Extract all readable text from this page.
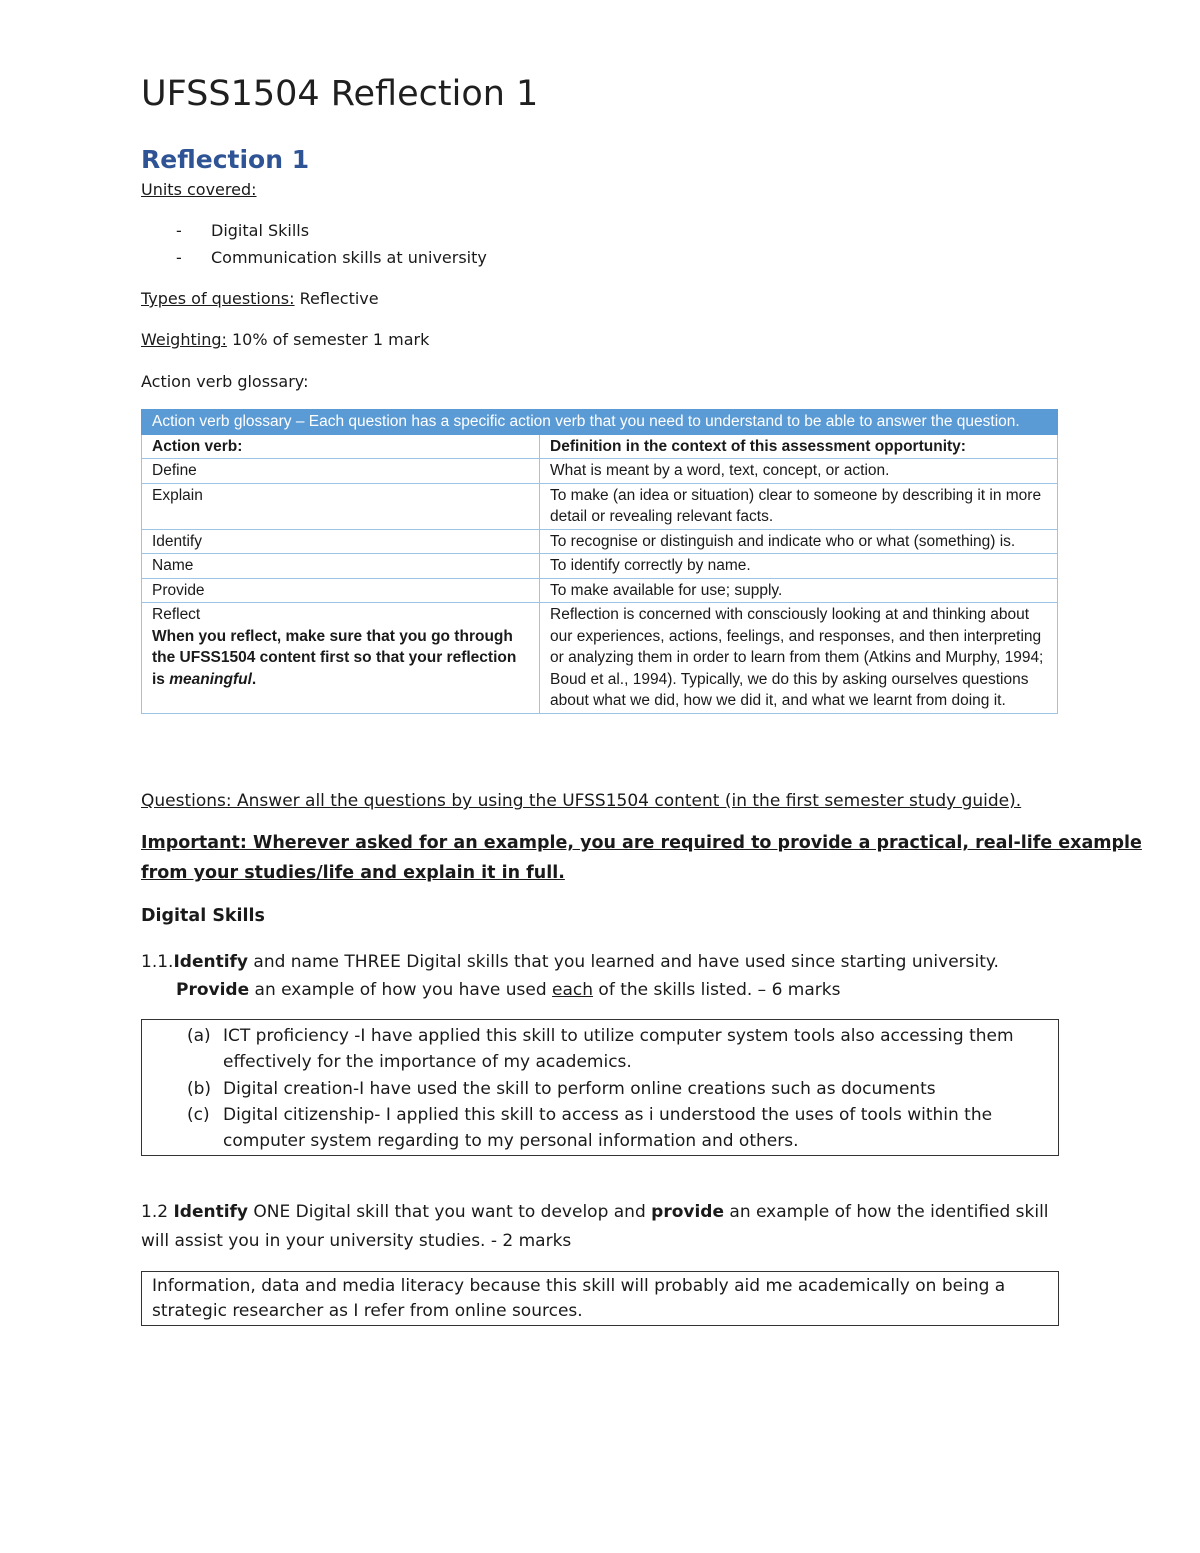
UFSS1504 Reflection 1
Reflection 1
Units covered:
- Digital Skills
- Communication skills at university
Types of questions: Reflective
Weighting: 10% of semester 1 mark
Action verb glossary:
Action verb glossary – Each question has a specific action verb that you need to understand to be able to answer the question.	
Action verb:	Definition in the context of this assessment opportunity:
Define	What is meant by a word, text, concept, or action.
Explain	To make (an idea or situation) clear to someone by describing it in more detail or revealing relevant facts.
Identify	To recognise or distinguish and indicate who or what (something) is.
Name	To identify correctly by name.
Provide	To make available for use; supply.
Reflect
When you reflect, make sure that you go through the UFSS1504 content first so that your reflection is meaningful.	Reflection is concerned with consciously looking at and thinking about our experiences, actions, feelings, and responses, and then interpreting or analyzing them in order to learn from them (Atkins and Murphy, 1994; Boud et al., 1994). Typically, we do this by asking ourselves questions about what we did, how we did it, and what we learnt from doing it.
Questions: Answer all the questions by using the UFSS1504 content (in the first semester study guide).
Important: Wherever asked for an example, you are required to provide a practical, real-life example
from your studies/life and explain it in full.
Digital Skills
1.1.Identify and name THREE Digital skills that you learned and have used since starting university.
Provide an example of how you have used each of the skills listed. – 6 marks
(a) ICT proficiency -I have applied this skill to utilize computer system tools also accessing them
effectively for the importance of my academics.
(b) Digital creation-I have used the skill to perform online creations such as documents
(c) Digital citizenship- I applied this skill to access as i understood the uses of tools within the
computer system regarding to my personal information and others.
1.2 Identify ONE Digital skill that you want to develop and provide an example of how the identified skill
will assist you in your university studies. - 2 marks
Information, data and media literacy because this skill will probably aid me academically on being a
strategic researcher as I refer from online sources.
